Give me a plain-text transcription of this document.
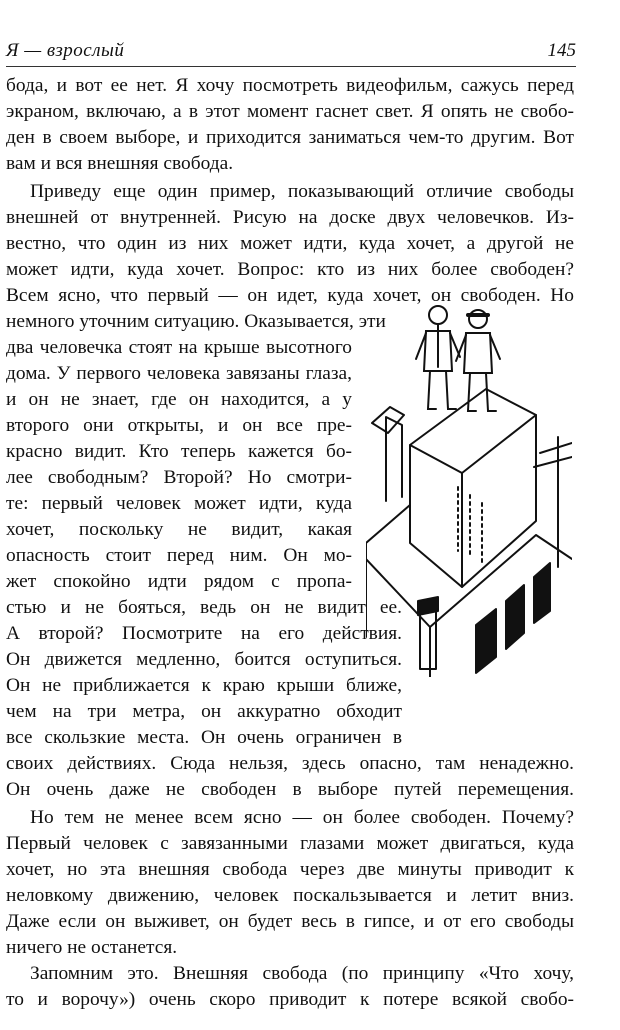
Я — взрослый	145
бода, и вот ее нет. Я хочу посмотреть видеофильм, сажусь перед
экраном, включаю, а в этот момент гаснет свет. Я опять не свобо-
ден в своем выборе, и приходится заниматься чем-то другим. Вот
вам и вся внешняя свобода.
Приведу еще один пример, показывающий отличие свободы
внешней от внутренней. Рисую на доске двух человечков. Из-
вестно, что один из них может идти, куда хочет, а другой не
может идти, куда хочет. Вопрос: кто из них более свободен?
Всем ясно, что первый — он идет, куда хочет, он свободен. Но
немного уточним ситуацию. Оказывается, эти
два человечка стоят на крыше высотного
дома. У первого человека завязаны глаза,
и он не знает, где он находится, а у
второго они открыты, и он все пре-
красно видит. Кто теперь кажется бо-
лее свободным? Второй? Но смотри-
те: первый человек может идти, куда
хочет, поскольку не видит, какая
опасность стоит перед ним. Он мо-
жет спокойно идти рядом с пропа-
стью и не бояться, ведь он не видит ее.
А второй? Посмотрите на его действия.
Он движется медленно, боится оступиться.
Он не приближается к краю крыши ближе,
чем на три метра, он аккуратно обходит
все скользкие места. Он очень ограничен в
своих действиях. Сюда нельзя, здесь опасно, там ненадежно.
Он очень даже не свободен в выборе путей перемещения.
Но тем не менее всем ясно — он более свободен. Почему?
Первый человек с завязанными глазами может двигаться, куда
хочет, но эта внешняя свобода через две минуты приводит к
неловкому движению, человек поскальзывается и летит вниз.
Даже если он выживет, он будет весь в гипсе, и от его свободы
ничего не останется.
Запомним это. Внешняя свобода (по принципу «Что хочу,
то и ворочу») очень скоро приводит к потере всякой свобо-
